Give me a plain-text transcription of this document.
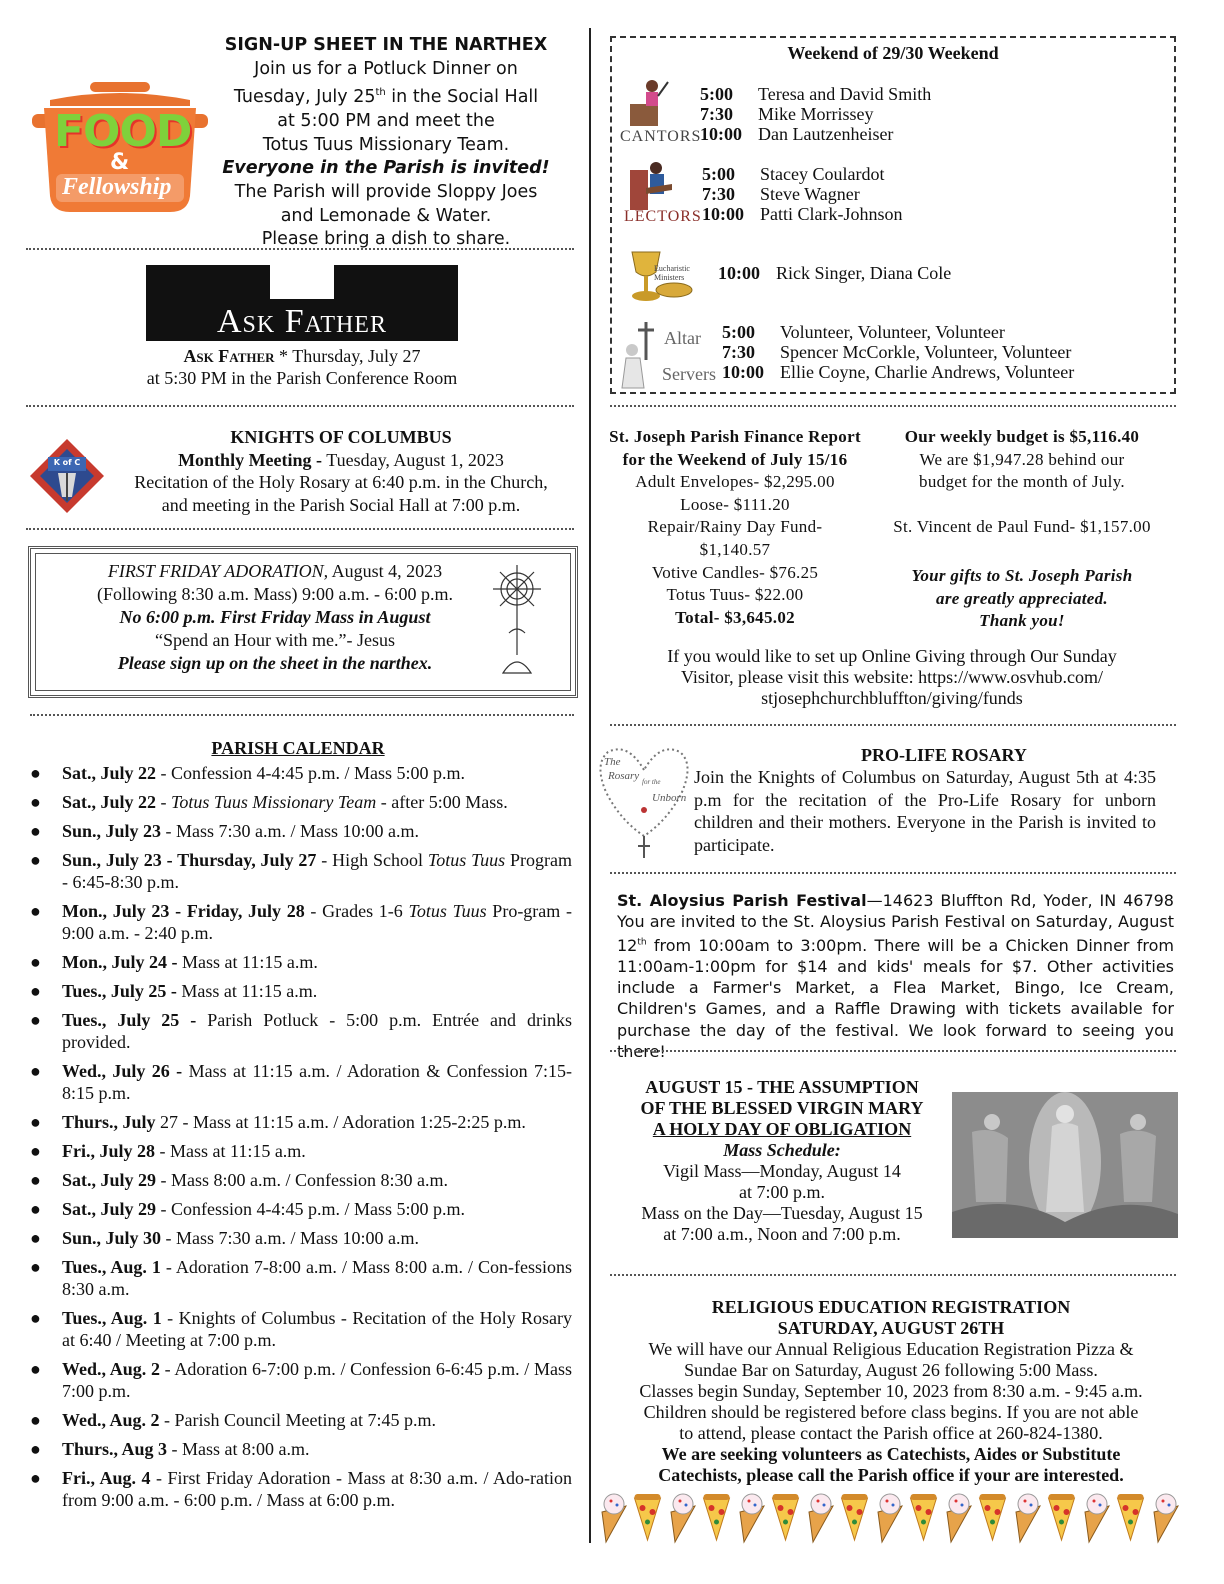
FOOD
&
Fellowship
SIGN-UP SHEET IN THE NARTHEX
Join us for a Potluck Dinner on
Tuesday, July 25th in the Social Hall
at 5:00 PM and meet the
Totus Tuus Missionary Team.
Everyone in the Parish is invited!
The Parish will provide Sloppy Joes
and Lemonade & Water.
Please bring a dish to share.
Ask Father
Ask Father * Thursday, July 27
at 5:30 PM in the Parish Conference Room
K of C
KNIGHTS OF COLUMBUS
Monthly Meeting - Tuesday, August 1, 2023
Recitation of the Holy Rosary at 6:40 p.m. in the Church,
and meeting in the Parish Social Hall at 7:00 p.m.
FIRST FRIDAY ADORATION, August 4, 2023
(Following 8:30 a.m. Mass) 9:00 a.m. - 6:00 p.m.
No 6:00 p.m. First Friday Mass in August
“Spend an Hour with me.”- Jesus
Please sign up on the sheet in the narthex.
PARISH CALENDAR
● Sat., July 22 - Confession 4-4:45 p.m. / Mass 5:00 p.m.
● Sat., July 22 - Totus Tuus Missionary Team - after 5:00 Mass.
● Sun., July 23 - Mass 7:30 a.m. / Mass 10:00 a.m.
● Sun., July 23 - Thursday, July 27 - High School Totus Tuus Program - 6:45-8:30 p.m.
● Mon., July 23 - Friday, July 28 - Grades 1-6 Totus Tuus Pro-gram - 9:00 a.m. - 2:40 p.m.
● Mon., July 24 - Mass at 11:15 a.m.
● Tues., July 25 - Mass at 11:15 a.m.
● Tues., July 25 - Parish Potluck - 5:00 p.m. Entrée and drinks provided.
● Wed., July 26 - Mass at 11:15 a.m. / Adoration & Confession 7:15-8:15 p.m.
● Thurs., July 27 - Mass at 11:15 a.m. / Adoration 1:25-2:25 p.m.
● Fri., July 28 - Mass at 11:15 a.m.
● Sat., July 29 - Mass 8:00 a.m. / Confession 8:30 a.m.
● Sat., July 29 - Confession 4-4:45 p.m. / Mass 5:00 p.m.
● Sun., July 30 - Mass 7:30 a.m. / Mass 10:00 a.m.
● Tues., Aug. 1 - Adoration 7-8:00 a.m. / Mass 8:00 a.m. / Con-fessions 8:30 a.m.
● Tues., Aug. 1 - Knights of Columbus - Recitation of the Holy Rosary at 6:40 / Meeting at 7:00 p.m.
● Wed., Aug. 2 - Adoration 6-7:00 p.m. / Confession 6-6:45 p.m. / Mass 7:00 p.m.
● Wed., Aug. 2 - Parish Council Meeting at 7:45 p.m.
● Thurs., Aug 3 - Mass at 8:00 a.m.
● Fri., Aug. 4 - First Friday Adoration - Mass at 8:30 a.m. / Ado-ration from 9:00 a.m. - 6:00 p.m. / Mass at 6:00 p.m.
Weekend of 29/30 Weekend
CANTORS
LECTORS
Eucharistic Ministers
Altar
Servers
5:00 Teresa and David Smith
7:30 Mike Morrissey
10:00 Dan Lautzenheiser
5:00 Stacey Coulardot
7:30 Steve Wagner
10:00 Patti Clark-Johnson
10:00 Rick Singer, Diana Cole
5:00 Volunteer, Volunteer, Volunteer
7:30 Spencer McCorkle, Volunteer, Volunteer
10:00 Ellie Coyne, Charlie Andrews, Volunteer
St. Joseph Parish Finance Report
for the Weekend of July 15/16
Adult Envelopes- $2,295.00
Loose- $111.20
Repair/Rainy Day Fund-
$1,140.57
Votive Candles- $76.25
Totus Tuus- $22.00
Total- $3,645.02
Our weekly budget is $5,116.40
We are $1,947.28 behind our
budget for the month of July.
St. Vincent de Paul Fund- $1,157.00
Your gifts to St. Joseph Parish
are greatly appreciated.
Thank you!
If you would like to set up Online Giving through Our Sunday
Visitor, please visit this website: https://www.osvhub.com/
stjosephchurchbluffton/giving/funds
The
Rosary for the
Unborn
PRO-LIFE ROSARY
Join the Knights of Columbus on Saturday, August 5th at 4:35 p.m for the recitation of the Pro-Life Rosary for unborn children and their mothers. Everyone in the Parish is invited to participate.
St. Aloysius Parish Festival—14623 Bluffton Rd, Yoder, IN 46798 You are invited to the St. Aloysius Parish Festival on Saturday, August 12th from 10:00am to 3:00pm. There will be a Chicken Dinner from 11:00am-1:00pm for $14 and kids' meals for $7. Other activities include a Farmer's Market, a Flea Market, Bingo, Ice Cream, Children's Games, and a Raffle Drawing with tickets available for purchase the day of the festival. We look forward to seeing you there!
AUGUST 15 - THE ASSUMPTION
OF THE BLESSED VIRGIN MARY
A HOLY DAY OF OBLIGATION
Mass Schedule:
Vigil Mass—Monday, August 14
at 7:00 p.m.
Mass on the Day—Tuesday, August 15
at 7:00 a.m., Noon and 7:00 p.m.
RELIGIOUS EDUCATION REGISTRATION
SATURDAY, AUGUST 26TH
We will have our Annual Religious Education Registration Pizza &
Sundae Bar on Saturday, August 26 following 5:00 Mass.
Classes begin Sunday, September 10, 2023 from 8:30 a.m. - 9:45 a.m.
Children should be registered before class begins. If you are not able
to attend, please contact the Parish office at 260-824-1380.
We are seeking volunteers as Catechists, Aides or Substitute
Catechists, please call the Parish office if your are interested.
